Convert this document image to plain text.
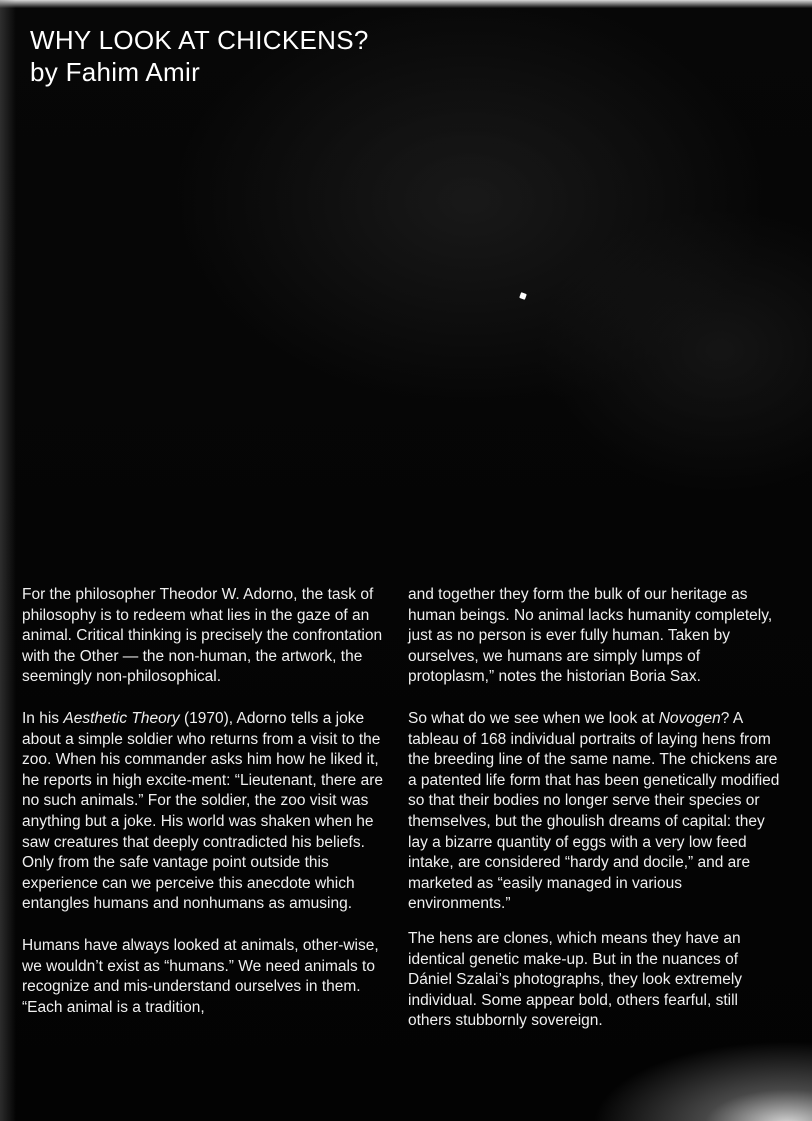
WHY LOOK AT CHICKENS?
by Fahim Amir

For the philosopher Theodor W. Adorno, the task of philosophy is to redeem what lies in the gaze of an animal. Critical thinking is precisely the confrontation with the Other — the non-human, the artwork, the seemingly non-philosophical.

In his Aesthetic Theory (1970), Adorno tells a joke about a simple soldier who returns from a visit to the zoo. When his commander asks him how he liked it, he reports in high excite-ment: “Lieutenant, there are no such animals.” For the soldier, the zoo visit was anything but a joke. His world was shaken when he saw creatures that deeply contradicted his beliefs. Only from the safe vantage point outside this experience can we perceive this anecdote which entangles humans and nonhumans as amusing.

Humans have always looked at animals, other-wise, we wouldn’t exist as “humans.” We need animals to recognize and mis-understand ourselves in them. “Each animal is a tradition,

and together they form the bulk of our heritage as human beings. No animal lacks humanity completely, just as no person is ever fully human. Taken by ourselves, we humans are simply lumps of protoplasm,” notes the historian Boria Sax.

So what do we see when we look at Novogen? A tableau of 168 individual portraits of laying hens from the breeding line of the same name. The chickens are a patented life form that has been genetically modified so that their bodies no longer serve their species or themselves, but the ghoulish dreams of capital: they lay a bizarre quantity of eggs with a very low feed intake, are considered “hardy and docile,” and are marketed as “easily managed in various environments.”

The hens are clones, which means they have an identical genetic make-up. But in the nuances of Dániel Szalai’s photographs, they look extremely individual. Some appear bold, others fearful, still others stubbornly sovereign.
